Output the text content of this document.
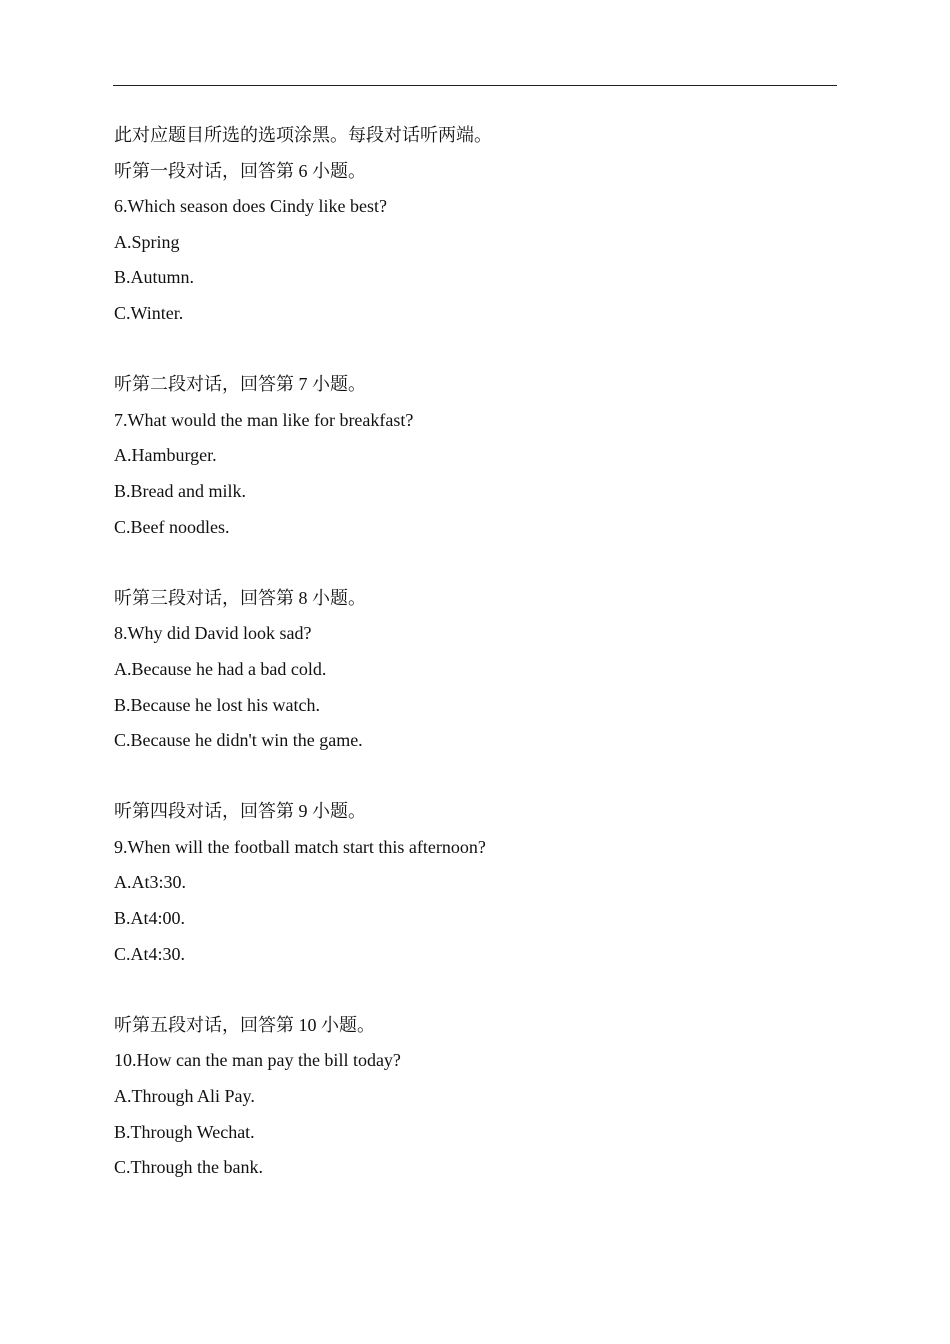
此对应题目所选的选项涂黑。每段对话听两端。
听第一段对话，回答第 6 小题。
6.Which season does Cindy like best?
A.Spring
B.Autumn.
C.Winter.
听第二段对话，回答第 7 小题。
7.What would the man like for breakfast?
A.Hamburger.
B.Bread and milk.
C.Beef noodles.
听第三段对话，回答第 8 小题。
8.Why did David look sad?
A.Because he had a bad cold.
B.Because he lost his watch.
C.Because he didn't win the game.
听第四段对话，回答第 9 小题。
9.When will the football match start this afternoon?
A.At3:30.
B.At4:00.
C.At4:30.
听第五段对话，回答第 10 小题。
10.How can the man pay the bill today?
A.Through Ali Pay.
B.Through Wechat.
C.Through the bank.
